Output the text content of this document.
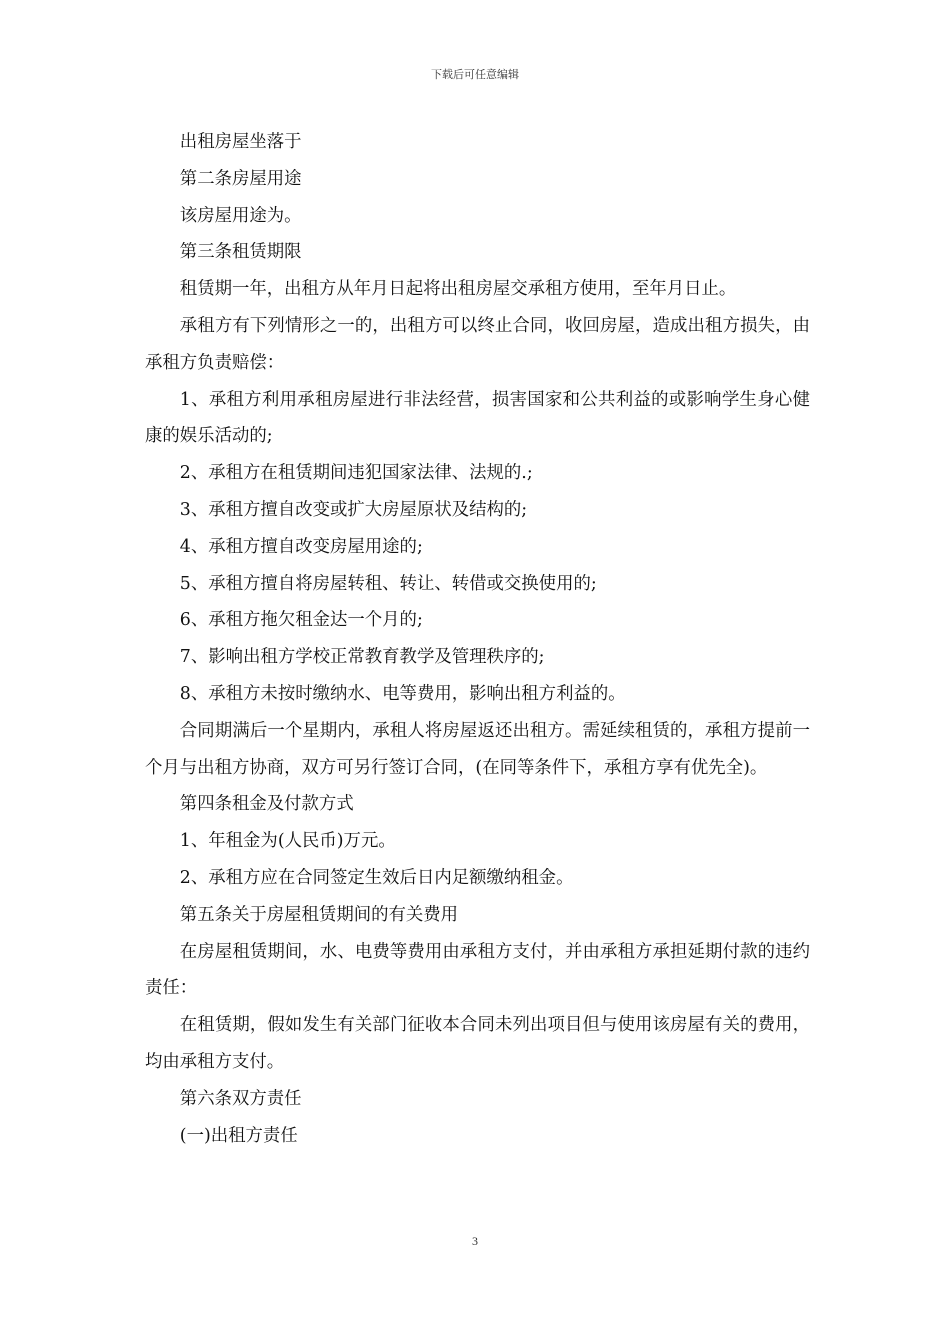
下载后可任意编辑

出租房屋坐落于

第二条房屋用途

该房屋用途为。

第三条租赁期限

租赁期一年，出租方从年月日起将出租房屋交承租方使用，至年月日止。

承租方有下列情形之一的，出租方可以终止合同，收回房屋，造成出租方损失，由承租方负责赔偿：

1、承租方利用承租房屋进行非法经营，损害国家和公共利益的或影响学生身心健康的娱乐活动的;

2、承租方在租赁期间违犯国家法律、法规的.;

3、承租方擅自改变或扩大房屋原状及结构的;

4、承租方擅自改变房屋用途的;

5、承租方擅自将房屋转租、转让、转借或交换使用的;

6、承租方拖欠租金达一个月的;

7、影响出租方学校正常教育教学及管理秩序的;

8、承租方未按时缴纳水、电等费用，影响出租方利益的。

合同期满后一个星期内，承租人将房屋返还出租方。需延续租赁的，承租方提前一个月与出租方协商，双方可另行签订合同，(在同等条件下，承租方享有优先全)。

第四条租金及付款方式

1、年租金为(人民币)万元。

2、承租方应在合同签定生效后日内足额缴纳租金。

第五条关于房屋租赁期间的有关费用

在房屋租赁期间，水、电费等费用由承租方支付，并由承租方承担延期付款的违约责任：

在租赁期，假如发生有关部门征收本合同未列出项目但与使用该房屋有关的费用，均由承租方支付。

第六条双方责任

(一)出租方责任

3
